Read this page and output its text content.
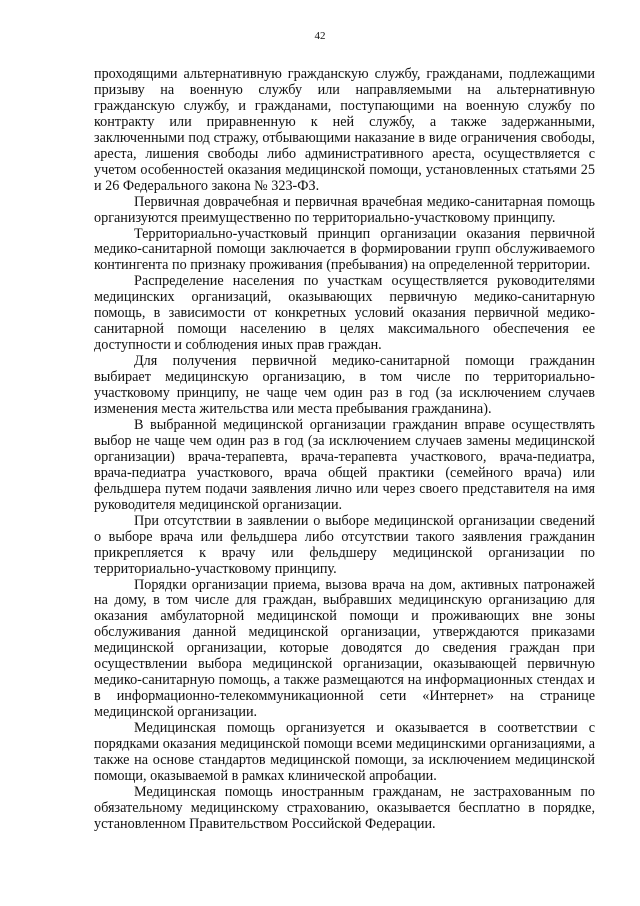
42

проходящими альтернативную гражданскую службу, гражданами, подлежащими призыву на военную службу или направляемыми на альтернативную гражданскую службу, и гражданами, поступающими на военную службу по контракту или приравненную к ней службу, а также задержанными, заключенными под стражу, отбывающими наказание в виде ограничения свободы, ареста, лишения свободы либо административного ареста, осуществляется с учетом особенностей оказания медицинской помощи, установленных статьями 25 и 26 Федерального закона № 323-ФЗ.

Первичная доврачебная и первичная врачебная медико-санитарная помощь организуются преимущественно по территориально-участковому принципу.

Территориально-участковый принцип организации оказания первичной медико-санитарной помощи заключается в формировании групп обслуживаемого контингента по признаку проживания (пребывания) на определенной территории.

Распределение населения по участкам осуществляется руководителями медицинских организаций, оказывающих первичную медико-санитарную помощь, в зависимости от конкретных условий оказания первичной медико-санитарной помощи населению в целях максимального обеспечения ее доступности и соблюдения иных прав граждан.

Для получения первичной медико-санитарной помощи гражданин выбирает медицинскую организацию, в том числе по территориально-участковому принципу, не чаще чем один раз в год (за исключением случаев изменения места жительства или места пребывания гражданина).

В выбранной медицинской организации гражданин вправе осуществлять выбор не чаще чем один раз в год (за исключением случаев замены медицинской организации) врача-терапевта, врача-терапевта участкового, врача-педиатра, врача-педиатра участкового, врача общей практики (семейного врача) или фельдшера путем подачи заявления лично или через своего представителя на имя руководителя медицинской организации.

При отсутствии в заявлении о выборе медицинской организации сведений о выборе врача или фельдшера либо отсутствии такого заявления гражданин прикрепляется к врачу или фельдшеру медицинской организации по территориально-участковому принципу.

Порядки организации приема, вызова врача на дом, активных патронажей на дому, в том числе для граждан, выбравших медицинскую организацию для оказания амбулаторной медицинской помощи и проживающих вне зоны обслуживания данной медицинской организации, утверждаются приказами медицинской организации, которые доводятся до сведения граждан при осуществлении выбора медицинской организации, оказывающей первичную медико-санитарную помощь, а также размещаются на информационных стендах и в информационно-телекоммуникационной сети «Интернет» на странице медицинской организации.

Медицинская помощь организуется и оказывается в соответствии с порядками оказания медицинской помощи всеми медицинскими организациями, а также на основе стандартов медицинской помощи, за исключением медицинской помощи, оказываемой в рамках клинической апробации.

Медицинская помощь иностранным гражданам, не застрахованным по обязательному медицинскому страхованию, оказывается бесплатно в порядке, установленном Правительством Российской Федерации.
